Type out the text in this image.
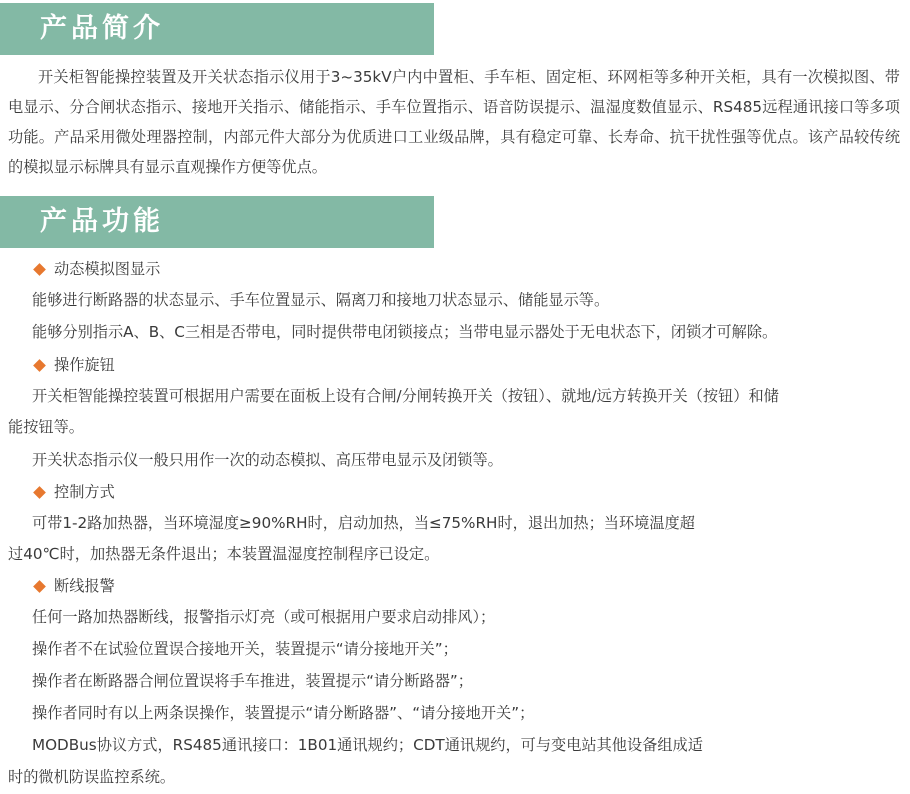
产品简介
开关柜智能操控装置及开关状态指示仪用于3~35kV户内中置柜、手车柜、固定柜、环网柜等多种开关柜，具有一次模拟图、带电显示、分合闸状态指示、接地开关指示、储能指示、手车位置指示、语音防误提示、温湿度数值显示、RS485远程通讯接口等多项功能。产品采用微处理器控制，内部元件大部分为优质进口工业级品牌，具有稳定可靠、长寿命、抗干扰性强等优点。该产品较传统的模拟显示标牌具有显示直观操作方便等优点。
产品功能
动态模拟图显示
能够进行断路器的状态显示、手车位置显示、隔离刀和接地刀状态显示、储能显示等。
能够分别指示A、B、C三相是否带电，同时提供带电闭锁接点；当带电显示器处于无电状态下，闭锁才可解除。
操作旋钮
开关柜智能操控装置可根据用户需要在面板上设有合闸/分闸转换开关（按钮）、就地/远方转换开关（按钮）和储
能按钮等。
开关状态指示仪一般只用作一次的动态模拟、高压带电显示及闭锁等。
控制方式
可带1-2路加热器，当环境湿度≥90%RH时，启动加热，当≤75%RH时，退出加热；当环境温度超
过40℃时，加热器无条件退出；本装置温湿度控制程序已设定。
断线报警
任何一路加热器断线，报警指示灯亮（或可根据用户要求启动排风）；
操作者不在试验位置误合接地开关，装置提示“请分接地开关”；
操作者在断路器合闸位置误将手车推进，装置提示“请分断路器”；
操作者同时有以上两条误操作，装置提示“请分断路器”、“请分接地开关”；
MODBus协议方式，RS485通讯接口：1B01通讯规约；CDT通讯规约，可与变电站其他设备组成适
时的微机防误监控系统。
